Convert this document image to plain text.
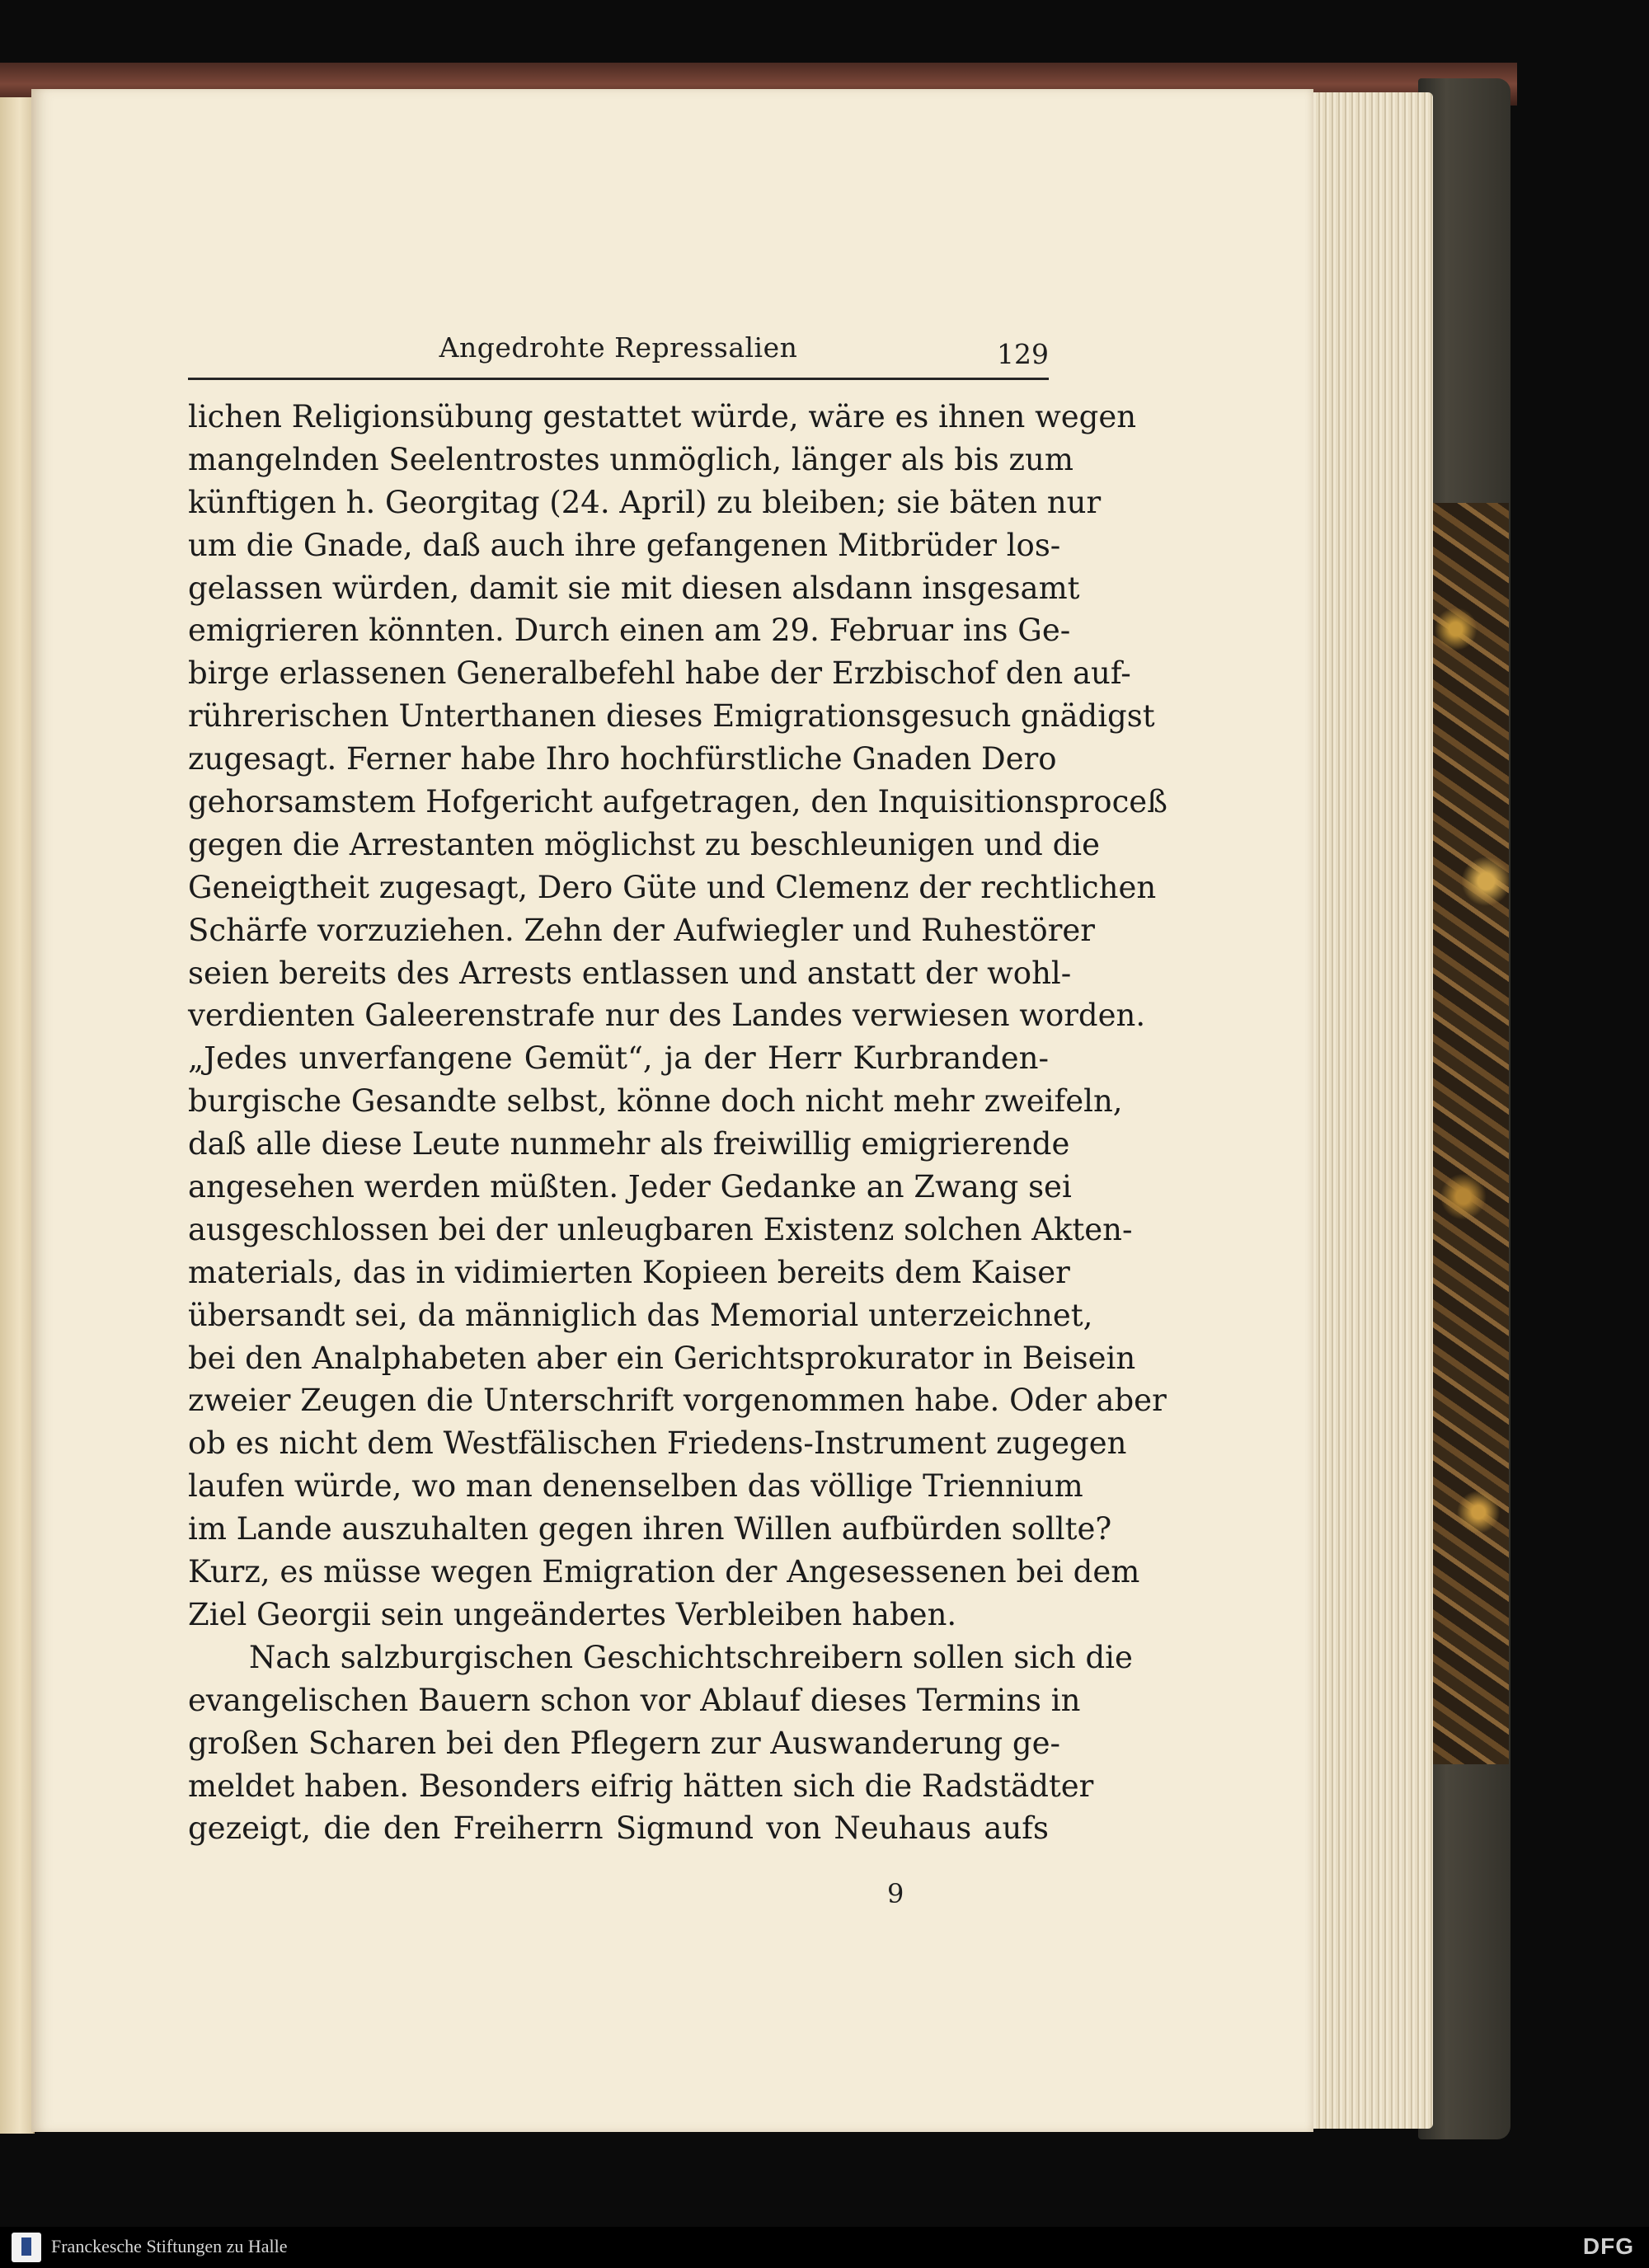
Angedrohte Repressalien	129
lichen Religionsübung gestattet würde, wäre es ihnen wegen
mangelnden Seelentrostes unmöglich, länger als bis zum
künftigen h. Georgitag (24. April) zu bleiben; sie bäten nur
um die Gnade, daß auch ihre gefangenen Mitbrüder los-
gelassen würden, damit sie mit diesen alsdann insgesamt
emigrieren könnten. Durch einen am 29. Februar ins Ge-
birge erlassenen Generalbefehl habe der Erzbischof den auf-
rührerischen Unterthanen dieses Emigrationsgesuch gnädigst
zugesagt. Ferner habe Ihro hochfürstliche Gnaden Dero
gehorsamstem Hofgericht aufgetragen, den Inquisitionsproceß
gegen die Arrestanten möglichst zu beschleunigen und die
Geneigtheit zugesagt, Dero Güte und Clemenz der rechtlichen
Schärfe vorzuziehen. Zehn der Aufwiegler und Ruhestörer
seien bereits des Arrests entlassen und anstatt der wohl-
verdienten Galeerenstrafe nur des Landes verwiesen worden.
„Jedes unverfangene Gemüt“, ja der Herr Kurbranden-
burgische Gesandte selbst, könne doch nicht mehr zweifeln,
daß alle diese Leute nunmehr als freiwillig emigrierende
angesehen werden müßten. Jeder Gedanke an Zwang sei
ausgeschlossen bei der unleugbaren Existenz solchen Akten-
materials, das in vidimierten Kopieen bereits dem Kaiser
übersandt sei, da männiglich das Memorial unterzeichnet,
bei den Analphabeten aber ein Gerichtsprokurator in Beisein
zweier Zeugen die Unterschrift vorgenommen habe. Oder aber
ob es nicht dem Westfälischen Friedens-Instrument zugegen
laufen würde, wo man denenselben das völlige Triennium
im Lande auszuhalten gegen ihren Willen aufbürden sollte?
Kurz, es müsse wegen Emigration der Angesessenen bei dem
Ziel Georgii sein ungeändertes Verbleiben haben.
Nach salzburgischen Geschichtschreibern sollen sich die
evangelischen Bauern schon vor Ablauf dieses Termins in
großen Scharen bei den Pflegern zur Auswanderung ge-
meldet haben. Besonders eifrig hätten sich die Radstädter
gezeigt, die den Freiherrn Sigmund von Neuhaus aufs
9
Franckesche Stiftungen zu Halle	DFG
